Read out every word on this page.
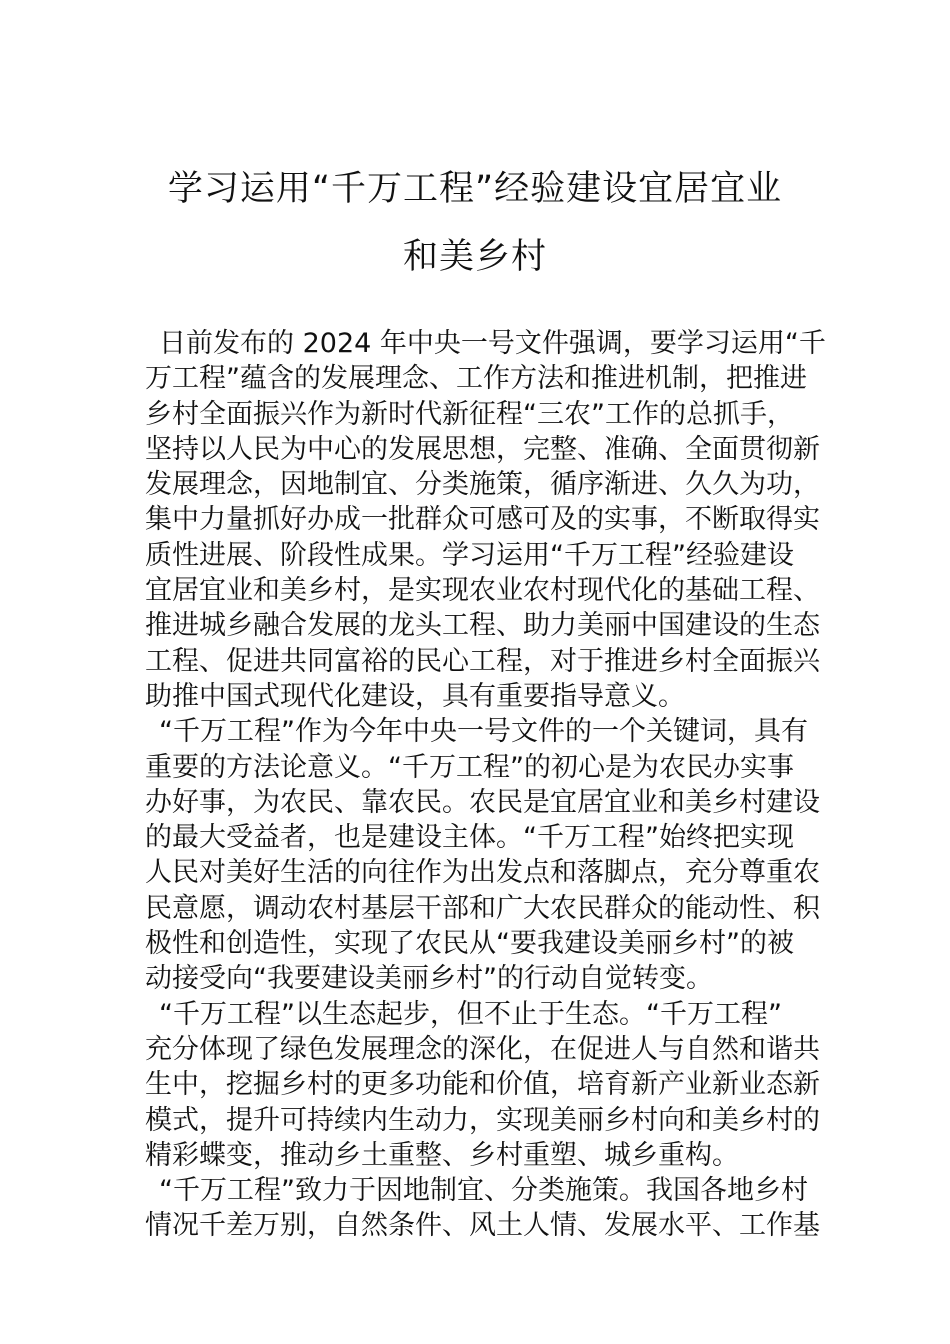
学习运用“千万工程”经验建设宜居宜业
和美乡村
日前发布的 2024 年中央一号文件强调，要学习运用“千
万工程”蕴含的发展理念、工作方法和推进机制，把推进
乡村全面振兴作为新时代新征程“三农”工作的总抓手，
坚持以人民为中心的发展思想，完整、准确、全面贯彻新
发展理念，因地制宜、分类施策，循序渐进、久久为功，
集中力量抓好办成一批群众可感可及的实事，不断取得实
质性进展、阶段性成果。学习运用“千万工程”经验建设
宜居宜业和美乡村，是实现农业农村现代化的基础工程、
推进城乡融合发展的龙头工程、助力美丽中国建设的生态
工程、促进共同富裕的民心工程，对于推进乡村全面振兴
助推中国式现代化建设，具有重要指导意义。
“千万工程”作为今年中央一号文件的一个关键词，具有
重要的方法论意义。“千万工程”的初心是为农民办实事
办好事，为农民、靠农民。农民是宜居宜业和美乡村建设
的最大受益者，也是建设主体。“千万工程”始终把实现
人民对美好生活的向往作为出发点和落脚点，充分尊重农
民意愿，调动农村基层干部和广大农民群众的能动性、积
极性和创造性，实现了农民从“要我建设美丽乡村”的被
动接受向“我要建设美丽乡村”的行动自觉转变。
“千万工程”以生态起步，但不止于生态。“千万工程”
充分体现了绿色发展理念的深化，在促进人与自然和谐共
生中，挖掘乡村的更多功能和价值，培育新产业新业态新
模式，提升可持续内生动力，实现美丽乡村向和美乡村的
精彩蝶变，推动乡土重整、乡村重塑、城乡重构。
“千万工程”致力于因地制宜、分类施策。我国各地乡村
情况千差万别，自然条件、风土人情、发展水平、工作基
